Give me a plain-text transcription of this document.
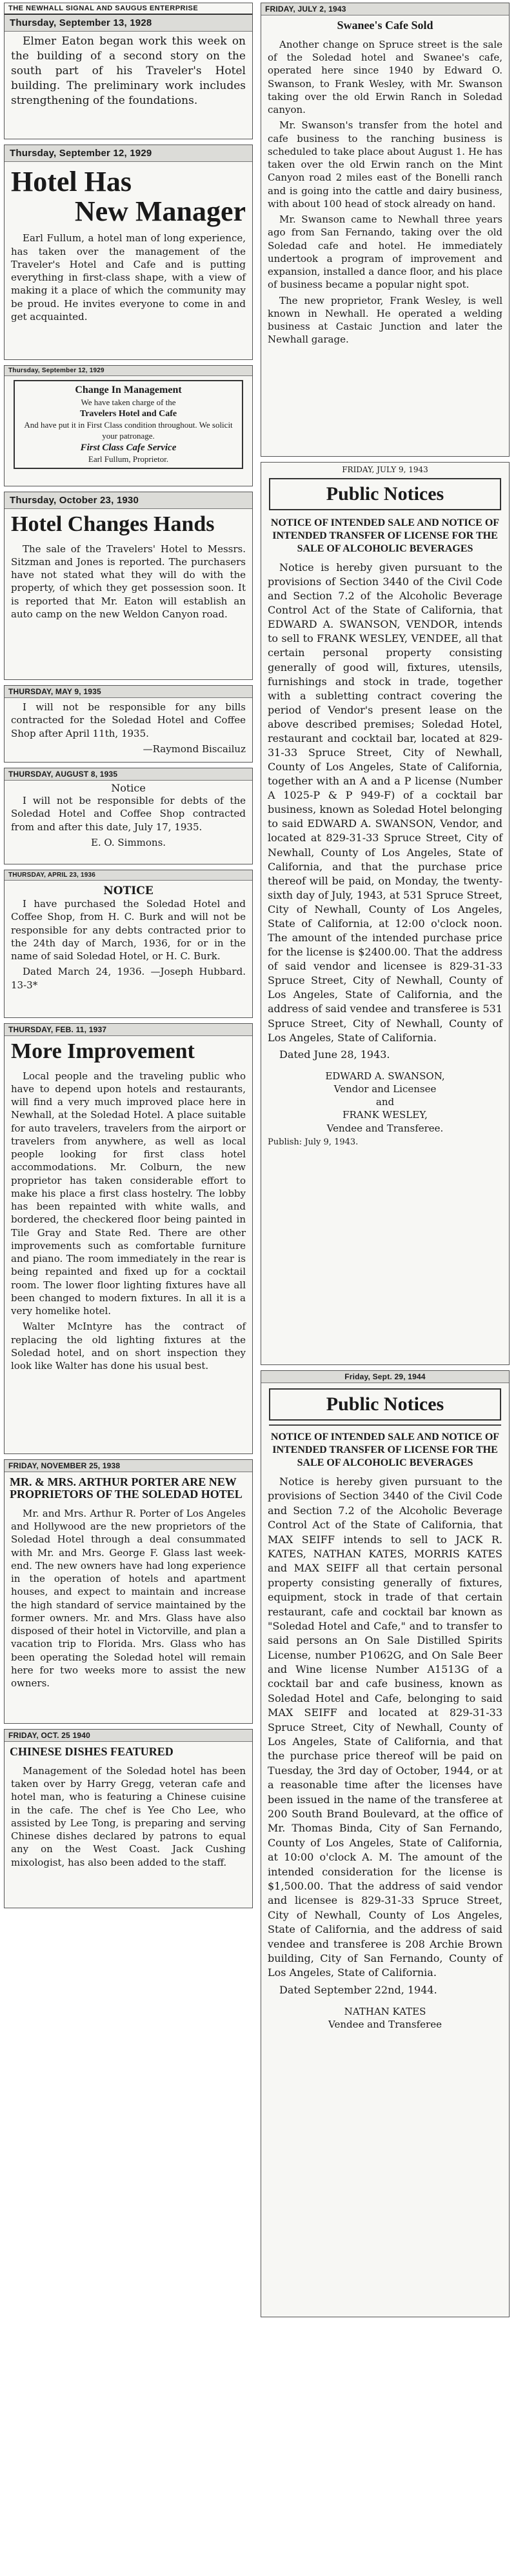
THE NEWHALL SIGNAL AND SAUGUS ENTERPRISE
Thursday, September 13, 1928

Elmer Eaton began work this week on the building of a second story on the south part of his Traveler's Hotel building. The preliminary work includes strengthening of the foundations.

Thursday, September 12, 1929
Hotel Has
New Manager

Earl Fullum, a hotel man of long experience, has taken over the management of the Traveler's Hotel and Cafe and is putting everything in first-class shape, with a view of making it a place of which the community may be proud. He invites everyone to come in and get acquainted.

Thursday, September 12, 1929
Change In Management
We have taken charge of the
Travelers Hotel and Cafe
And have put it in First Class condition throughout. We solicit your patronage.
First Class Cafe Service
Earl Fullum, Proprietor.
Thursday, October 23, 1930
Hotel Changes Hands

The sale of the Travelers' Hotel to Messrs. Sitzman and Jones is reported. The purchasers have not stated what they will do with the property, of which they get possession soon. It is reported that Mr. Eaton will establish an auto camp on the new Weldon Canyon road.

THURSDAY, MAY 9, 1935

I will not be responsible for any bills contracted for the Soledad Hotel and Coffee Shop after April 11th, 1935.

—Raymond Biscailuz
THURSDAY, AUGUST 8, 1935
Notice

I will not be responsible for debts of the Soledad Hotel and Coffee Shop contracted from and after this date, July 17, 1935.

E. O. Simmons.
THURSDAY, APRIL 23, 1936
NOTICE

I have purchased the Soledad Hotel and Coffee Shop, from H. C. Burk and will not be responsible for any debts contracted prior to the 24th day of March, 1936, for or in the name of said Soledad Hotel, or H. C. Burk.

Dated March 24, 1936. —Joseph Hubbard. 13-3*

THURSDAY, FEB. 11, 1937
More Improvement

Local people and the traveling public who have to depend upon hotels and restaurants, will find a very much improved place here in Newhall, at the Soledad Hotel. A place suitable for auto travelers, travelers from the airport or travelers from anywhere, as well as local people looking for first class hotel accommodations. Mr. Colburn, the new proprietor has taken considerable effort to make his place a first class hostelry. The lobby has been repainted with white walls, and bordered, the checkered floor being painted in Tile Gray and State Red. There are other improvements such as comfortable furniture and piano. The room immediately in the rear is being repainted and fixed up for a cocktail room. The lower floor lighting fixtures have all been changed to modern fixtures. In all it is a very homelike hotel.

Walter McIntyre has the contract of replacing the old lighting fixtures at the Soledad hotel, and on short inspection they look like Walter has done his usual best.

FRIDAY, NOVEMBER 25, 1938
MR. & MRS. ARTHUR PORTER ARE NEW PROPRIETORS OF THE SOLEDAD HOTEL

Mr. and Mrs. Arthur R. Porter of Los Angeles and Hollywood are the new proprietors of the Soledad Hotel through a deal consummated with Mr. and Mrs. George F. Glass last week-end. The new owners have had long experience in the operation of hotels and apartment houses, and expect to maintain and increase the high standard of service maintained by the former owners. Mr. and Mrs. Glass have also disposed of their hotel in Victorville, and plan a vacation trip to Florida. Mrs. Glass who has been operating the Soledad hotel will remain here for two weeks more to assist the new owners.

FRIDAY, OCT. 25 1940
CHINESE DISHES FEATURED

Management of the Soledad hotel has been taken over by Harry Gregg, veteran cafe and hotel man, who is featuring a Chinese cuisine in the cafe. The chef is Yee Cho Lee, who assisted by Lee Tong, is preparing and serving Chinese dishes declared by patrons to equal any on the West Coast. Jack Cushing mixologist, has also been added to the staff.

FRIDAY, JULY 2, 1943
Swanee's Cafe Sold

Another change on Spruce street is the sale of the Soledad hotel and Swanee's cafe, operated here since 1940 by Edward O. Swanson, to Frank Wesley, with Mr. Swanson taking over the old Erwin Ranch in Soledad canyon.

Mr. Swanson's transfer from the hotel and cafe business to the ranching business is scheduled to take place about August 1. He has taken over the old Erwin ranch on the Mint Canyon road 2 miles east of the Bonelli ranch and is going into the cattle and dairy business, with about 100 head of stock already on hand.

Mr. Swanson came to Newhall three years ago from San Fernando, taking over the old Soledad cafe and hotel. He immediately undertook a program of improvement and expansion, installed a dance floor, and his place of business became a popular night spot.

The new proprietor, Frank Wesley, is well known in Newhall. He operated a welding business at Castaic Junction and later the Newhall garage.

FRIDAY, JULY 9, 1943
Public Notices
NOTICE OF INTENDED SALE AND NOTICE OF INTENDED TRANSFER OF LICENSE FOR THE SALE OF ALCOHOLIC BEVERAGES

Notice is hereby given pursuant to the provisions of Section 3440 of the Civil Code and Section 7.2 of the Alcoholic Beverage Control Act of the State of California, that EDWARD A. SWANSON, VENDOR, intends to sell to FRANK WESLEY, VENDEE, all that certain personal property consisting generally of good will, fixtures, utensils, furnishings and stock in trade, together with a subletting contract covering the period of Vendor's present lease on the above described premises; Soledad Hotel, restaurant and cocktail bar, located at 829-31-33 Spruce Street, City of Newhall, County of Los Angeles, State of California, together with an A and a P license (Number A 1025-P & P 949-F) of a cocktail bar business, known as Soledad Hotel belonging to said EDWARD A. SWANSON, Vendor, and located at 829-31-33 Spruce Street, City of Newhall, County of Los Angeles, State of California, and that the purchase price thereof will be paid, on Monday, the twenty-sixth day of July, 1943, at 531 Spruce Street, City of Newhall, County of Los Angeles, State of California, at 12:00 o'clock noon. The amount of the intended purchase price for the license is $2400.00. That the address of said vendor and licensee is 829-31-33 Spruce Street, City of Newhall, County of Los Angeles, State of California, and the address of said vendee and transferee is 531 Spruce Street, City of Newhall, County of Los Angeles, State of California.

Dated June 28, 1943.

EDWARD A. SWANSON,
Vendor and Licensee
and
FRANK WESLEY,
Vendee and Transferee.
Publish: July 9, 1943.
Friday, Sept. 29, 1944
Public Notices
NOTICE OF INTENDED SALE AND NOTICE OF INTENDED TRANSFER OF LICENSE FOR THE SALE OF ALCOHOLIC BEVERAGES

Notice is hereby given pursuant to the provisions of Section 3440 of the Civil Code and Section 7.2 of the Alcoholic Beverage Control Act of the State of California, that MAX SEIFF intends to sell to JACK R. KATES, NATHAN KATES, MORRIS KATES and MAX SEIFF all that certain personal property consisting generally of fixtures, equipment, stock in trade of that certain restaurant, cafe and cocktail bar known as "Soledad Hotel and Cafe," and to transfer to said persons an On Sale Distilled Spirits License, number P1062G, and On Sale Beer and Wine license Number A1513G of a cocktail bar and cafe business, known as Soledad Hotel and Cafe, belonging to said MAX SEIFF and located at 829-31-33 Spruce Street, City of Newhall, County of Los Angeles, State of California, and that the purchase price thereof will be paid on Tuesday, the 3rd day of October, 1944, or at a reasonable time after the licenses have been issued in the name of the transferee at 200 South Brand Boulevard, at the office of Mr. Thomas Binda, City of San Fernando, County of Los Angeles, State of California, at 10:00 o'clock A. M. The amount of the intended consideration for the license is $1,500.00. That the address of said vendor and licensee is 829-31-33 Spruce Street, City of Newhall, County of Los Angeles, State of California, and the address of said vendee and transferee is 208 Archie Brown building, City of San Fernando, County of Los Angeles, State of California.

Dated September 22nd, 1944.

NATHAN KATES
Vendee and Transferee
